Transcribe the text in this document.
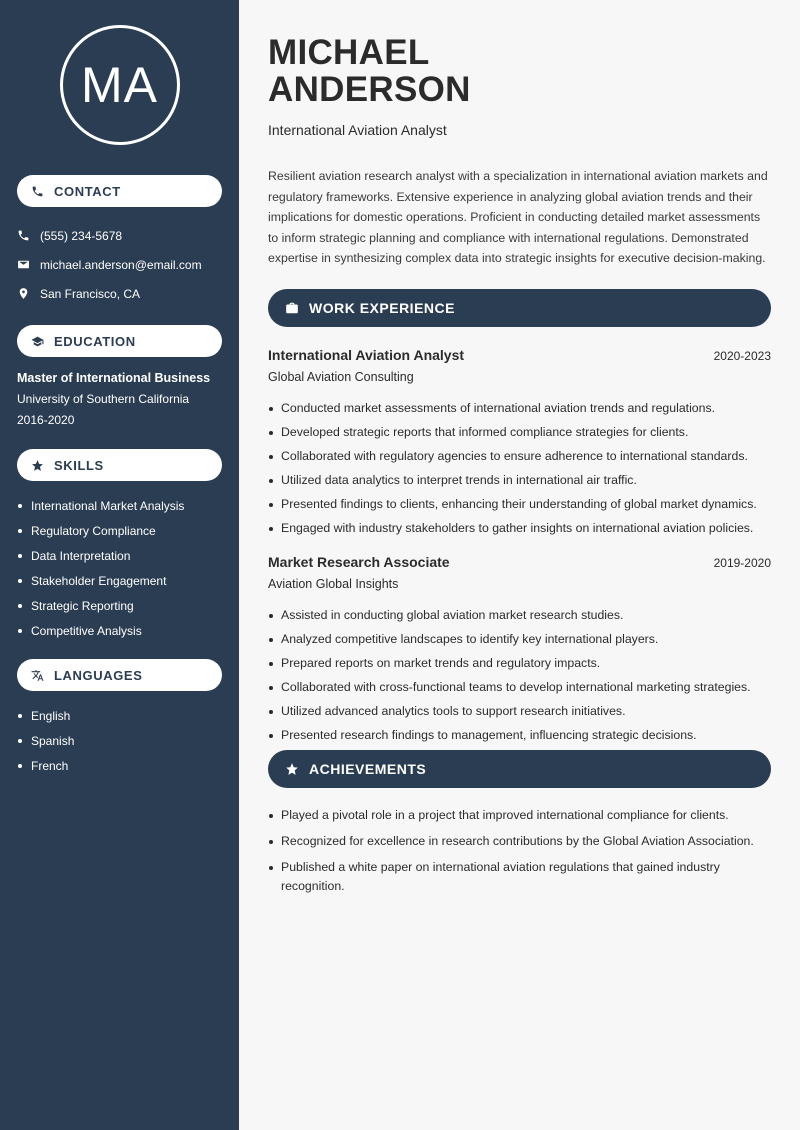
MA
CONTACT
(555) 234-5678
michael.anderson@email.com
San Francisco, CA
EDUCATION
Master of International Business
University of Southern California
2016-2020
SKILLS
International Market Analysis
Regulatory Compliance
Data Interpretation
Stakeholder Engagement
Strategic Reporting
Competitive Analysis
LANGUAGES
English
Spanish
French
MICHAEL
ANDERSON
International Aviation Analyst
Resilient aviation research analyst with a specialization in international aviation markets and regulatory frameworks. Extensive experience in analyzing global aviation trends and their implications for domestic operations. Proficient in conducting detailed market assessments to inform strategic planning and compliance with international regulations. Demonstrated expertise in synthesizing complex data into strategic insights for executive decision-making.
WORK EXPERIENCE
International Aviation Analyst	2020-2023
Global Aviation Consulting
Conducted market assessments of international aviation trends and regulations.
Developed strategic reports that informed compliance strategies for clients.
Collaborated with regulatory agencies to ensure adherence to international standards.
Utilized data analytics to interpret trends in international air traffic.
Presented findings to clients, enhancing their understanding of global market dynamics.
Engaged with industry stakeholders to gather insights on international aviation policies.
Market Research Associate	2019-2020
Aviation Global Insights
Assisted in conducting global aviation market research studies.
Analyzed competitive landscapes to identify key international players.
Prepared reports on market trends and regulatory impacts.
Collaborated with cross-functional teams to develop international marketing strategies.
Utilized advanced analytics tools to support research initiatives.
Presented research findings to management, influencing strategic decisions.
ACHIEVEMENTS
Played a pivotal role in a project that improved international compliance for clients.
Recognized for excellence in research contributions by the Global Aviation Association.
Published a white paper on international aviation regulations that gained industry recognition.
